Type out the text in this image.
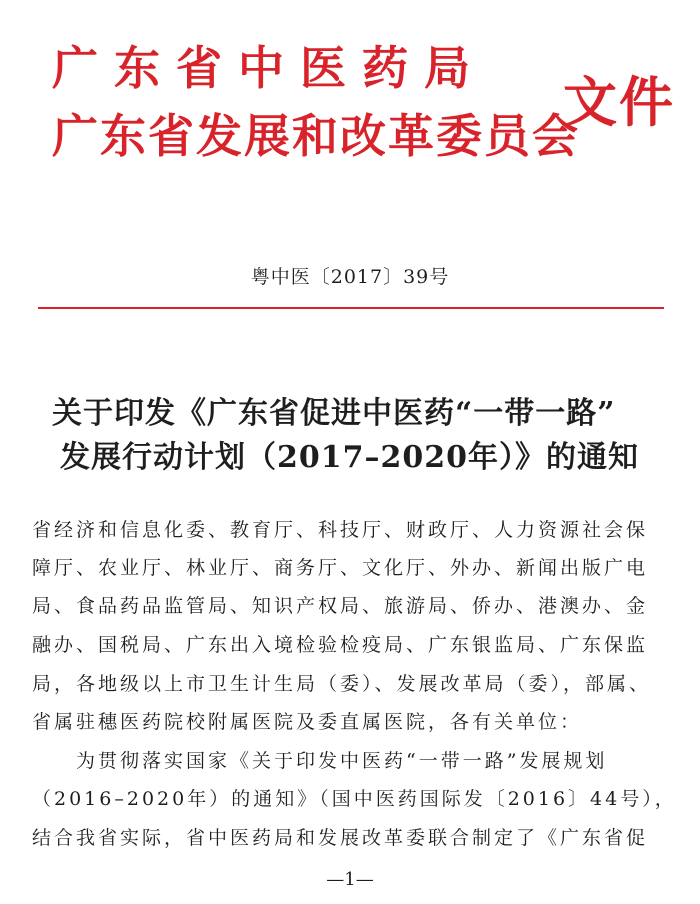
广东省中医药局
广东省发展和改革委员会
文件
粤中医〔2017〕39号
关于印发《广东省促进中医药“一带一路”
发展行动计划（2017–2020年）》的通知
省经济和信息化委、教育厅、科技厅、财政厅、人力资源社会保
障厅、农业厅、林业厅、商务厅、文化厅、外办、新闻出版广电
局、食品药品监管局、知识产权局、旅游局、侨办、港澳办、金
融办、国税局、广东出入境检验检疫局、广东银监局、广东保监
局，各地级以上市卫生计生局（委）、发展改革局（委），部属、
省属驻穗医药院校附属医院及委直属医院，各有关单位：
　　为贯彻落实国家《关于印发中医药“一带一路”发展规划
（2016–2020年）的通知》（国中医药国际发〔2016〕44号），
结合我省实际，省中医药局和发展改革委联合制定了《广东省促
—1—
